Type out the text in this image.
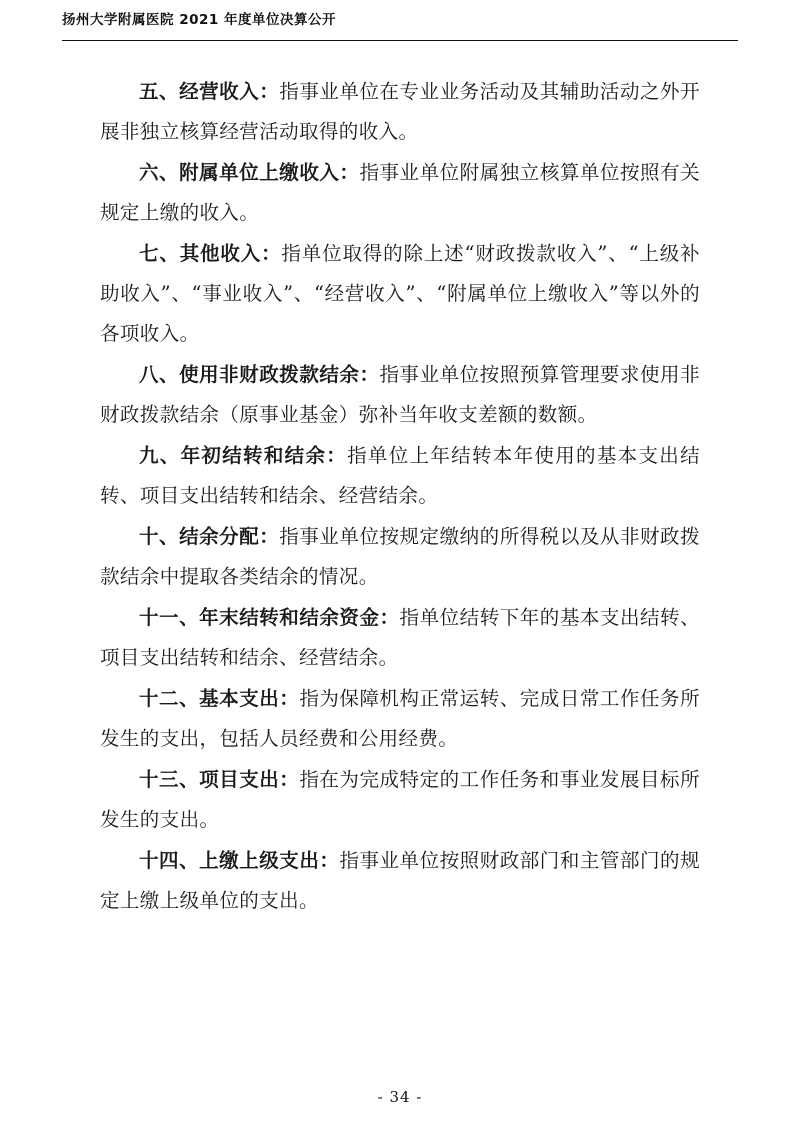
扬州大学附属医院 2021 年度单位决算公开

五、经营收入：指事业单位在专业业务活动及其辅助活动之外开展非独立核算经营活动取得的收入。

六、附属单位上缴收入：指事业单位附属独立核算单位按照有关规定上缴的收入。

七、其他收入：指单位取得的除上述“财政拨款收入”、“上级补助收入”、“事业收入”、“经营收入”、“附属单位上缴收入”等以外的各项收入。

八、使用非财政拨款结余：指事业单位按照预算管理要求使用非财政拨款结余（原事业基金）弥补当年收支差额的数额。

九、年初结转和结余：指单位上年结转本年使用的基本支出结转、项目支出结转和结余、经营结余。

十、结余分配：指事业单位按规定缴纳的所得税以及从非财政拨款结余中提取各类结余的情况。

十一、年末结转和结余资金：指单位结转下年的基本支出结转、项目支出结转和结余、经营结余。

十二、基本支出：指为保障机构正常运转、完成日常工作任务所发生的支出，包括人员经费和公用经费。

十三、项目支出：指在为完成特定的工作任务和事业发展目标所发生的支出。

十四、上缴上级支出：指事业单位按照财政部门和主管部门的规定上缴上级单位的支出。

- 34 -
